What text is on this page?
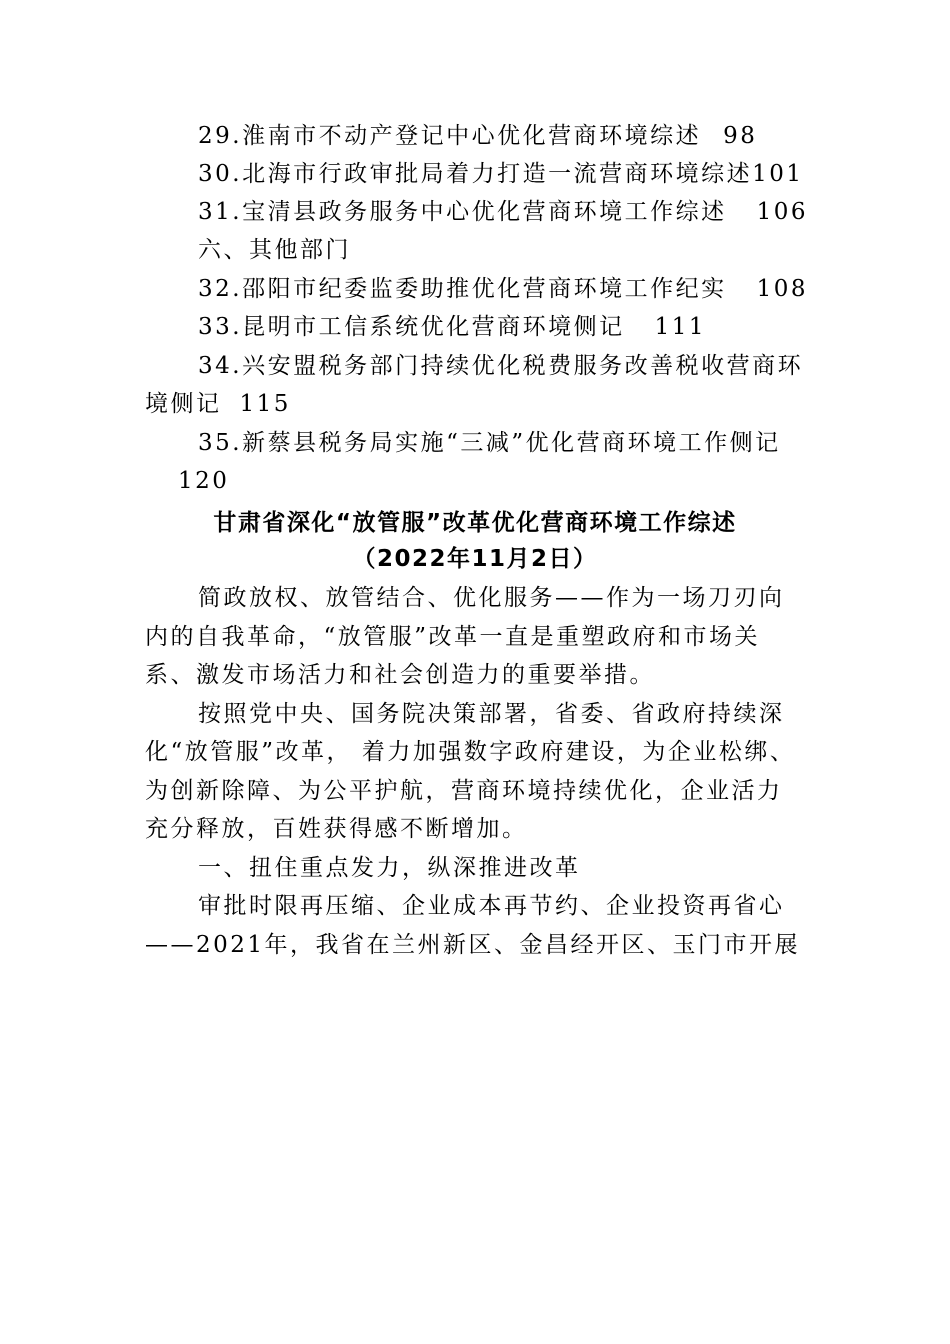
29.淮南市不动产登记中心优化营商环境综述 98
30.北海市行政审批局着力打造一流营商环境综述101
31.宝清县政务服务中心优化营商环境工作综述 106
六、其他部门
32.邵阳市纪委监委助推优化营商环境工作纪实 108
33.昆明市工信系统优化营商环境侧记 111
34.兴安盟税务部门持续优化税费服务改善税收营商环
境侧记 115
35.新蔡县税务局实施“三减”优化营商环境工作侧记
120
甘肃省深化“放管服”改革优化营商环境工作综述
（2022年11月2日）
简政放权、放管结合、优化服务——作为一场刀刃向
内的自我革命，“放管服”改革一直是重塑政府和市场关
系、激发市场活力和社会创造力的重要举措。
按照党中央、国务院决策部署，省委、省政府持续深
化“放管服”改革， 着力加强数字政府建设，为企业松绑、
为创新除障、为公平护航，营商环境持续优化，企业活力
充分释放，百姓获得感不断增加。
一、扭住重点发力，纵深推进改革
审批时限再压缩、企业成本再节约、企业投资再省心
——2021年，我省在兰州新区、金昌经开区、玉门市开展
